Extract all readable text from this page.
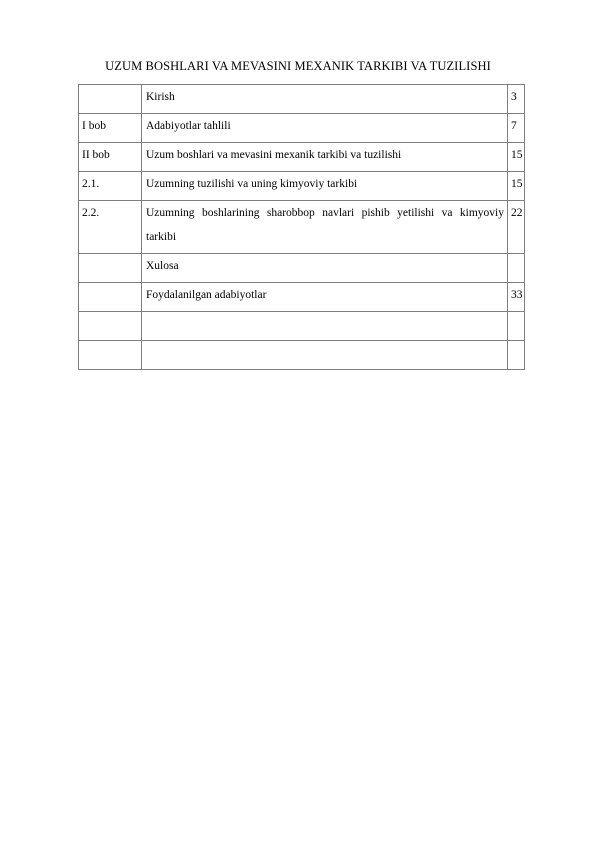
UZUM BOSHLARI VA MEVASINI MEXANIK TARKIBI VA TUZILISHI
	Kirish	3
I bob	Adabiyotlar tahlili	7
II bob	Uzum boshlari va mevasini mexanik tarkibi va tuzilishi	15
2.1.	Uzumning tuzilishi va uning kimyoviy tarkibi	15
2.2.	Uzumning boshlarining sharobbop navlari pishib yetilishi va kimyoviy tarkibi	22
	Xulosa	
	Foydalanilgan adabiyotlar	33
